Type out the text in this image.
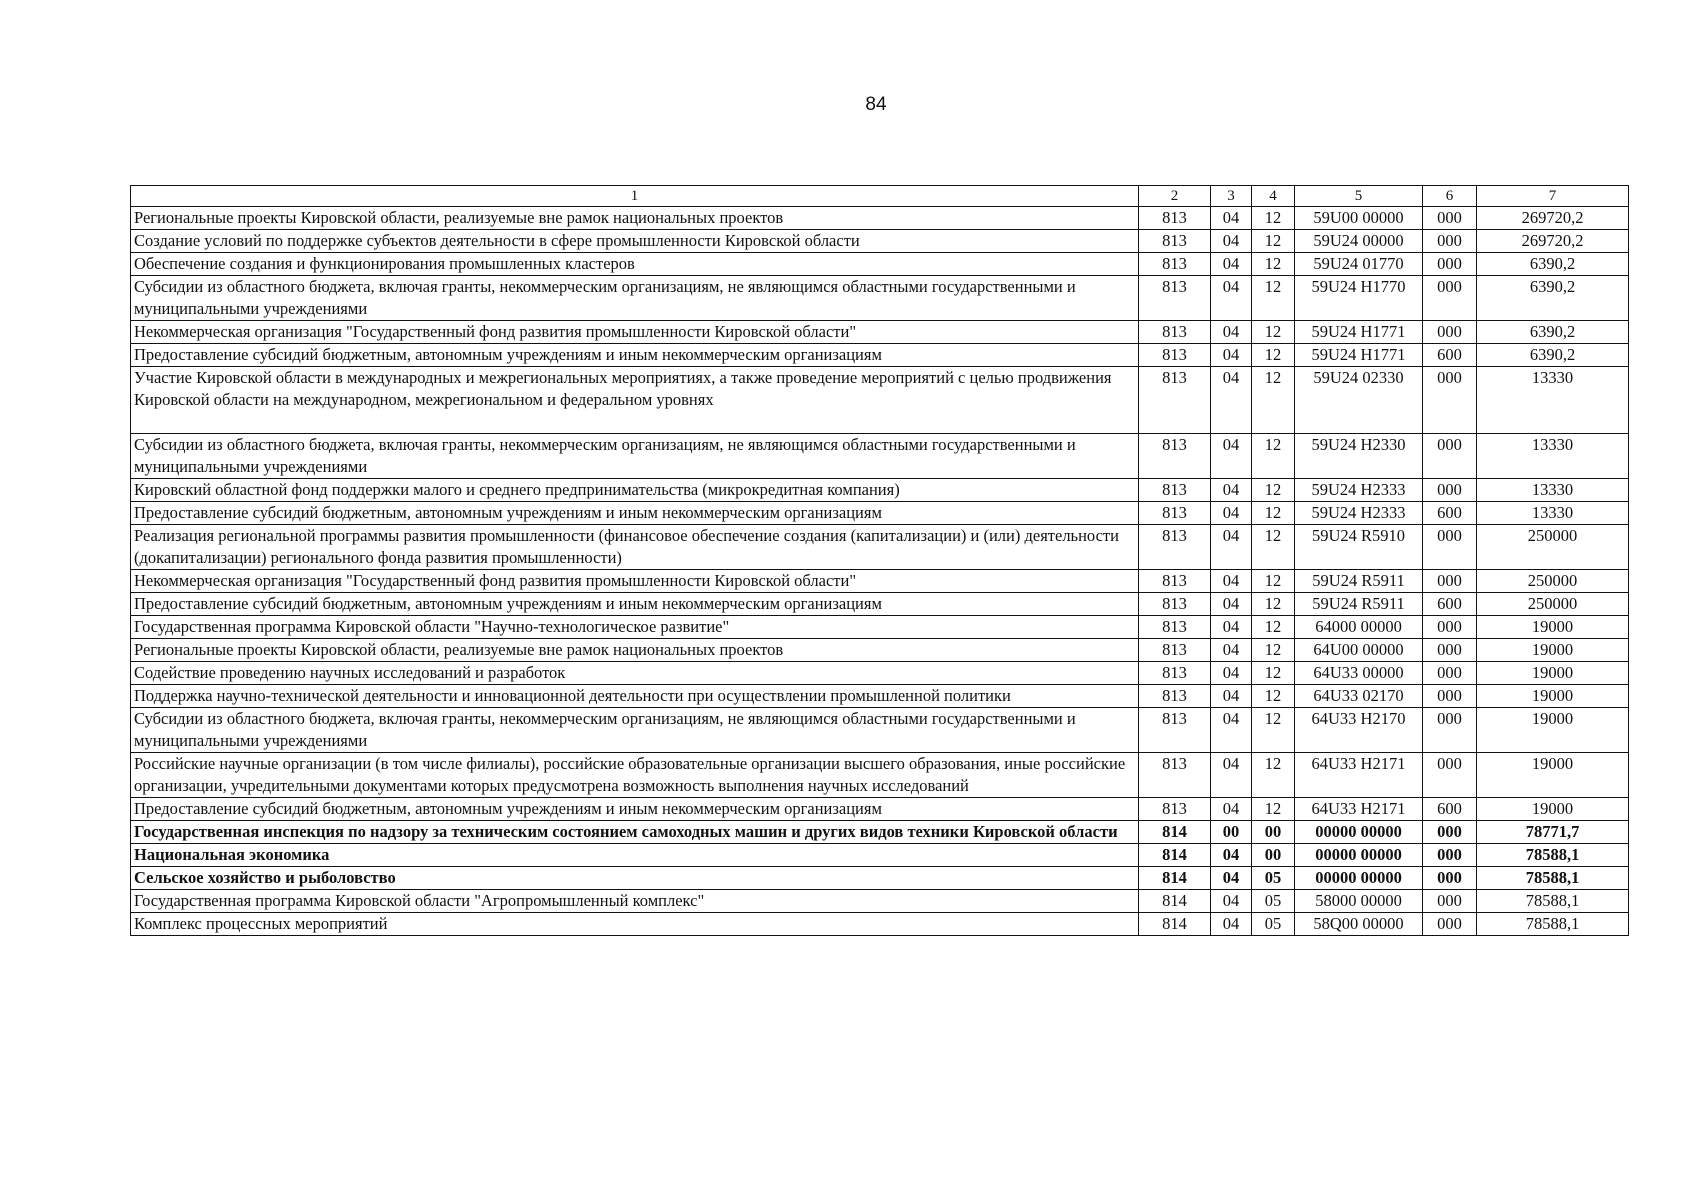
84
1	2	3	4	5	6	7
Региональные проекты Кировской области, реализуемые вне рамок национальных проектов	813	04	12	59U00 00000	000	269720,2
Создание условий по поддержке субъектов деятельности в сфере промышленности Кировской области	813	04	12	59U24 00000	000	269720,2
Обеспечение создания и функционирования промышленных кластеров	813	04	12	59U24 01770	000	6390,2
Субсидии из областного бюджета, включая гранты, некоммерческим организациям, не являющимся областными государственными и муниципальными учреждениями	813	04	12	59U24 H1770	000	6390,2
Некоммерческая организация "Государственный фонд развития промышленности Кировской области"	813	04	12	59U24 H1771	000	6390,2
Предоставление субсидий бюджетным, автономным учреждениям и иным некоммерческим организациям	813	04	12	59U24 H1771	600	6390,2
Участие Кировской области в международных и межрегиональных мероприятиях, а также проведение мероприятий с целью продвижения Кировской области на международном, межрегиональном и федеральном уровнях	813	04	12	59U24 02330	000	13330
Субсидии из областного бюджета, включая гранты, некоммерческим организациям, не являющимся областными государственными и муниципальными учреждениями	813	04	12	59U24 H2330	000	13330
Кировский областной фонд поддержки малого и среднего предпринимательства (микрокредитная компания)	813	04	12	59U24 H2333	000	13330
Предоставление субсидий бюджетным, автономным учреждениям и иным некоммерческим организациям	813	04	12	59U24 H2333	600	13330
Реализация региональной программы развития промышленности (финансовое обеспечение создания (капитализации) и (или) деятельности (докапитализации) регионального фонда развития промышленности)	813	04	12	59U24 R5910	000	250000
Некоммерческая организация "Государственный фонд развития промышленности Кировской области"	813	04	12	59U24 R5911	000	250000
Предоставление субсидий бюджетным, автономным учреждениям и иным некоммерческим организациям	813	04	12	59U24 R5911	600	250000
Государственная программа Кировской области "Научно-технологическое развитие"	813	04	12	64000 00000	000	19000
Региональные проекты Кировской области, реализуемые вне рамок национальных проектов	813	04	12	64U00 00000	000	19000
Содействие проведению научных исследований и разработок	813	04	12	64U33 00000	000	19000
Поддержка научно-технической деятельности и инновационной деятельности при осуществлении промышленной политики	813	04	12	64U33 02170	000	19000
Субсидии из областного бюджета, включая гранты, некоммерческим организациям, не являющимся областными государственными и муниципальными учреждениями	813	04	12	64U33 H2170	000	19000
Российские научные организации (в том числе филиалы), российские образовательные организации высшего образования, иные российские организации, учредительными документами которых предусмотрена возможность выполнения научных исследований	813	04	12	64U33 H2171	000	19000
Предоставление субсидий бюджетным, автономным учреждениям и иным некоммерческим организациям	813	04	12	64U33 H2171	600	19000
Государственная инспекция по надзору за техническим состоянием самоходных машин и других видов техники Кировской области	814	00	00	00000 00000	000	78771,7
Национальная экономика	814	04	00	00000 00000	000	78588,1
Сельское хозяйство и рыболовство	814	04	05	00000 00000	000	78588,1
Государственная программа Кировской области "Агропромышленный комплекс"	814	04	05	58000 00000	000	78588,1
Комплекс процессных мероприятий	814	04	05	58Q00 00000	000	78588,1
